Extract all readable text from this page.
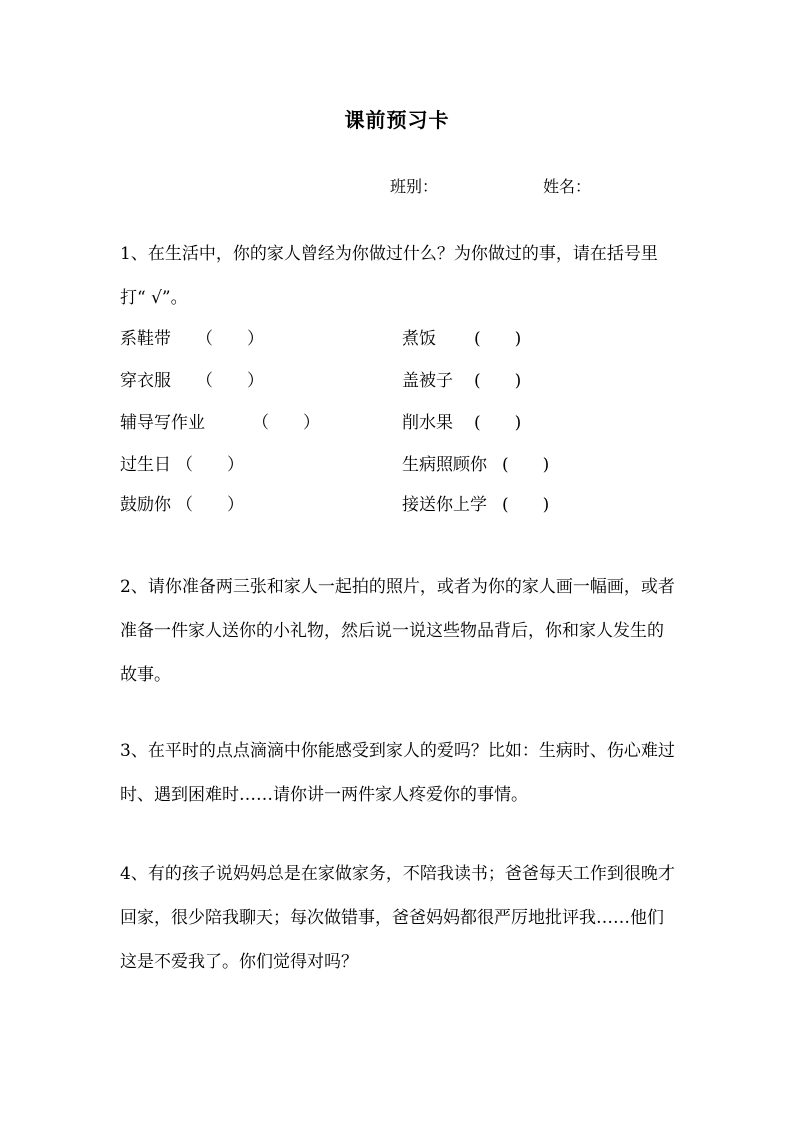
课前预习卡
班别：	姓名：

1、在生活中，你的家人曾经为你做过什么？为你做过的事，请在括号里打“ √”。

系鞋带 （　　）
穿衣服 （　　）
辅导写作业	（　　）
过生日 （　　）
鼓励你 （　　）
煮饭 (　　)
盖被子 (　　)
削水果 (　　)
生病照顾你 (　　)
接送你上学 (　　)

2、请你准备两三张和家人一起拍的照片，或者为你的家人画一幅画，或者准备一件家人送你的小礼物，然后说一说这些物品背后，你和家人发生的故事。

3、在平时的点点滴滴中你能感受到家人的爱吗？比如：生病时、伤心难过时、遇到困难时……请你讲一两件家人疼爱你的事情。

4、有的孩子说妈妈总是在家做家务，不陪我读书；爸爸每天工作到很晚才回家，很少陪我聊天；每次做错事，爸爸妈妈都很严厉地批评我……他们这是不爱我了。你们觉得对吗？
